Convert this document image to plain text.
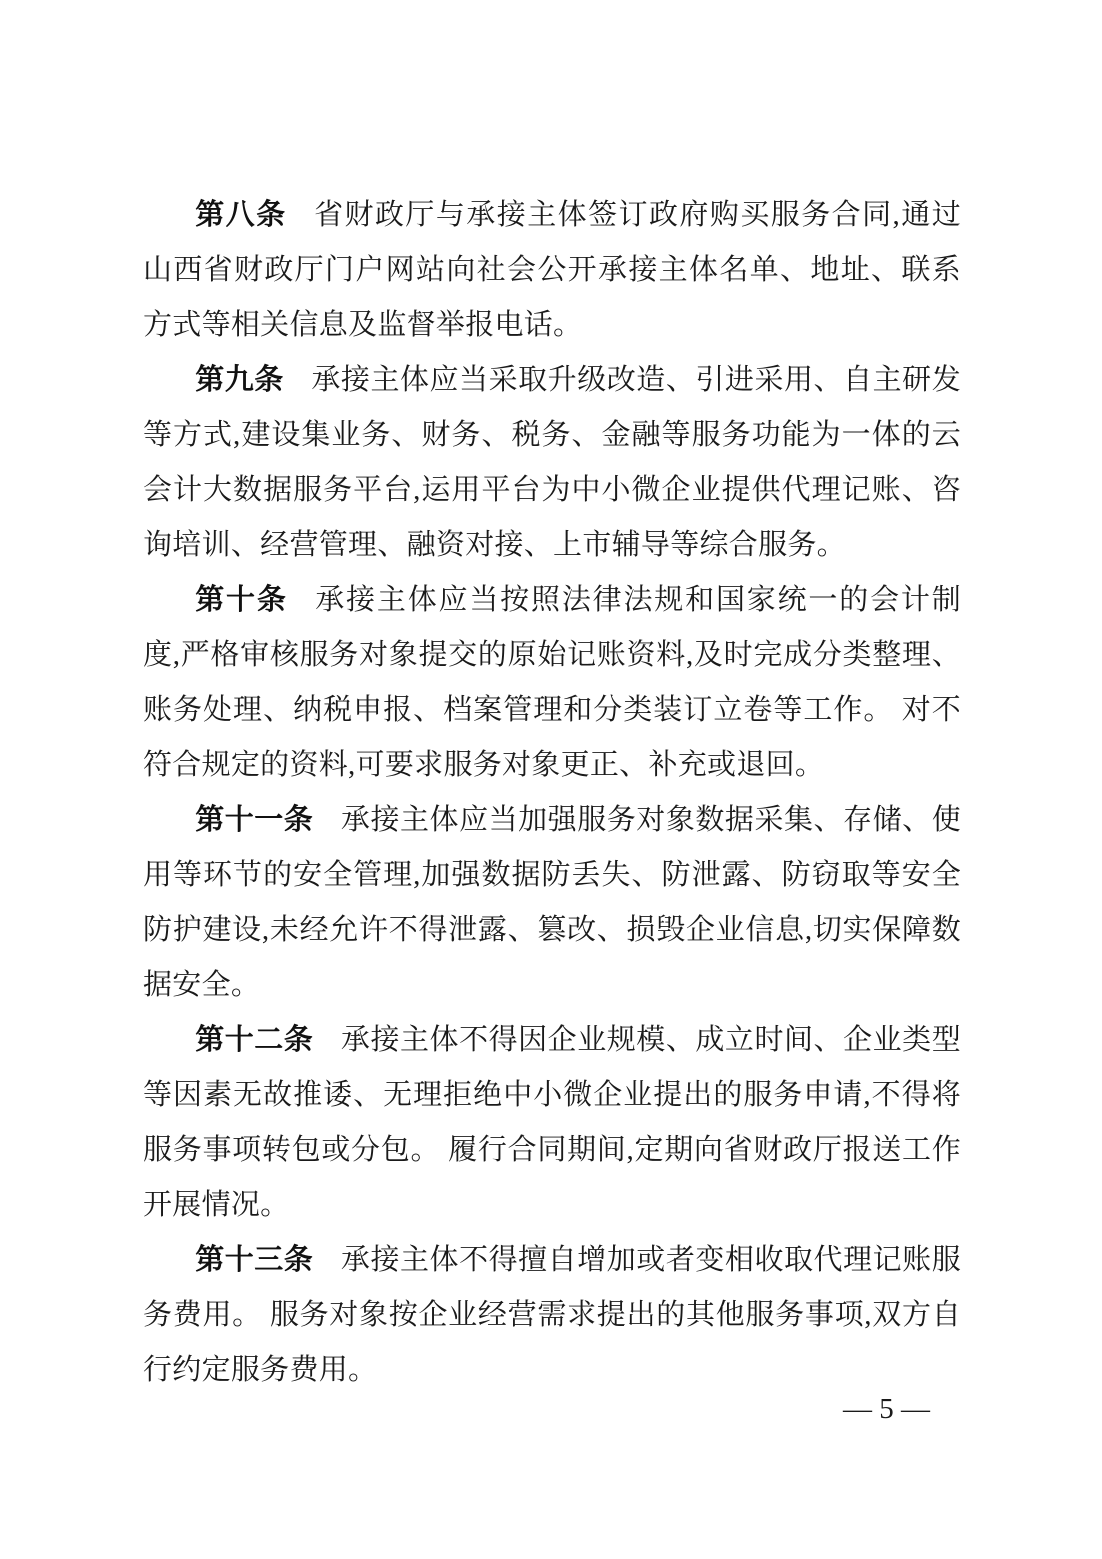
第八条 省财政厅与承接主体签订政府购买服务合同,通过山西省财政厅门户网站向社会公开承接主体名单、地址、联系方式等相关信息及监督举报电话。

第九条 承接主体应当采取升级改造、引进采用、自主研发等方式,建设集业务、财务、税务、金融等服务功能为一体的云会计大数据服务平台,运用平台为中小微企业提供代理记账、咨询培训、经营管理、融资对接、上市辅导等综合服务。

第十条 承接主体应当按照法律法规和国家统一的会计制度,严格审核服务对象提交的原始记账资料,及时完成分类整理、账务处理、纳税申报、档案管理和分类装订立卷等工作。 对不符合规定的资料,可要求服务对象更正、补充或退回。

第十一条 承接主体应当加强服务对象数据采集、存储、使用等环节的安全管理,加强数据防丢失、防泄露、防窃取等安全防护建设,未经允许不得泄露、篡改、损毁企业信息,切实保障数据安全。

第十二条 承接主体不得因企业规模、成立时间、企业类型等因素无故推诿、无理拒绝中小微企业提出的服务申请,不得将服务事项转包或分包。 履行合同期间,定期向省财政厅报送工作开展情况。

第十三条 承接主体不得擅自增加或者变相收取代理记账服务费用。 服务对象按企业经营需求提出的其他服务事项,双方自行约定服务费用。

— 5 —
